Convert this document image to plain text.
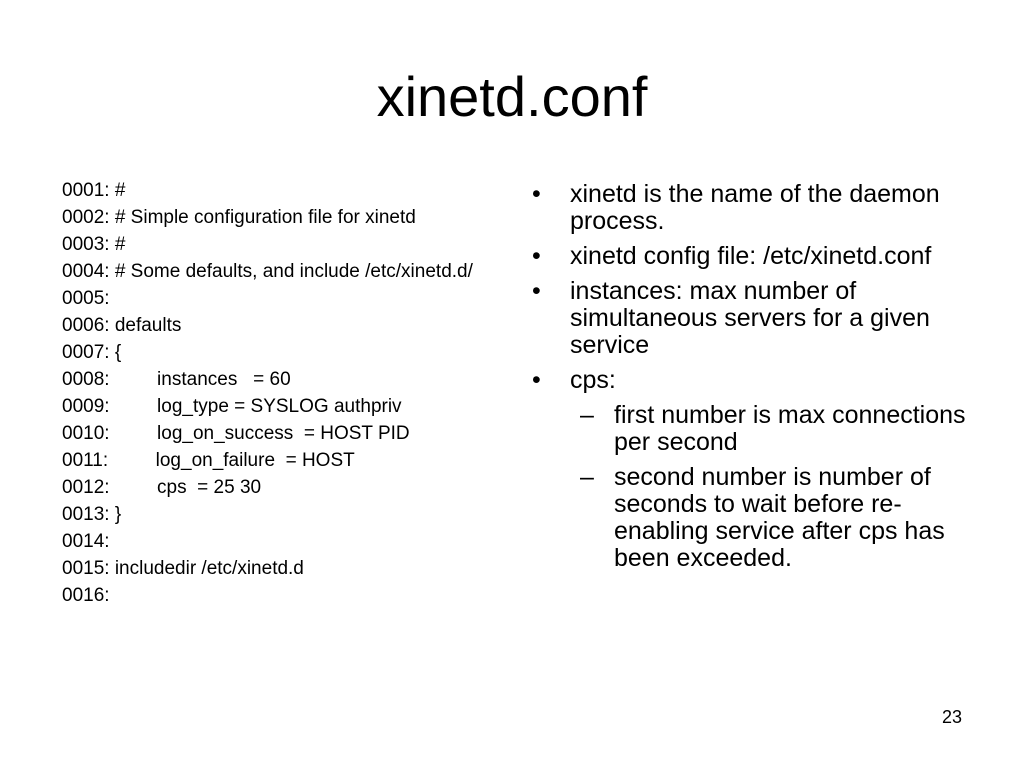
xinetd.conf
0001: #
0002: # Simple configuration file for xinetd
0003: #
0004: # Some defaults, and include /etc/xinetd.d/
0005:
0006: defaults
0007: {
0008:         instances   = 60
0009:         log_type = SYSLOG authpriv
0010:         log_on_success  = HOST PID
0011:         log_on_failure  = HOST
0012:         cps  = 25 30
0013: }
0014:
0015: includedir /etc/xinetd.d
0016:
• xinetd is the name of the daemon process.
• xinetd config file: /etc/xinetd.conf
• instances: max number of simultaneous servers for a given service
• cps:
– first number is max connections per second
– second number is number of seconds to wait before re-enabling service after cps has been exceeded.
23
